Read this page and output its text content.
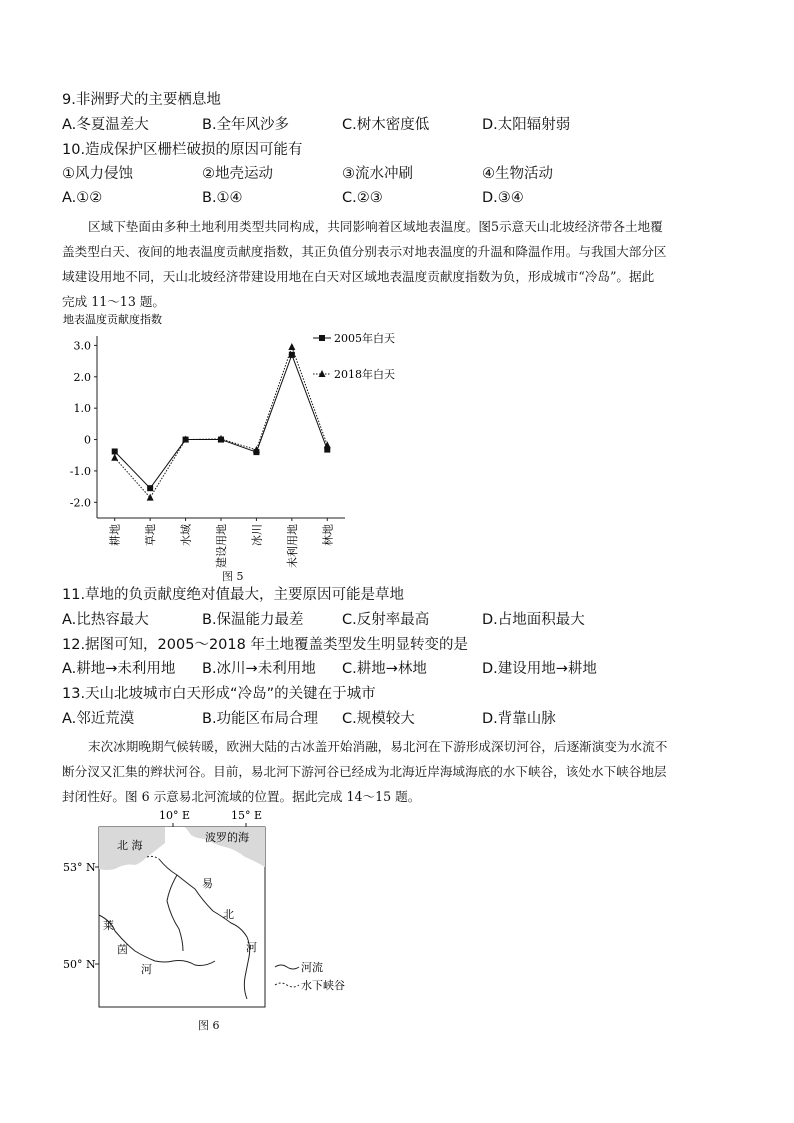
9.非洲野犬的主要栖息地
A.冬夏温差大	B.全年风沙多	C.树木密度低	D.太阳辐射弱
10.造成保护区栅栏破损的原因可能有
①风力侵蚀	②地壳运动	③流水冲刷	④生物活动
A.①②	B.①④	C.②③	D.③④
区域下垫面由多种土地利用类型共同构成，共同影响着区域地表温度。图5示意天山北坡经济带各土地覆
盖类型白天、夜间的地表温度贡献度指数，其正负值分别表示对地表温度的升温和降温作用。与我国大部分区
域建设用地不同，天山北坡经济带建设用地在白天对区域地表温度贡献度指数为负，形成城市“冷岛”。据此
完成 11～13 题。
地表温度贡献度指数
3.0
2.0
1.0
0
-1.0
-2.0
耕地 草地 水域 建设用地 冰川 未利用地 林地
2005年白天
2018年白天
图 5
11.草地的负贡献度绝对值最大，主要原因可能是草地
A.比热容最大	B.保温能力最差	C.反射率最高	D.占地面积最大
12.据图可知，2005～2018 年土地覆盖类型发生明显转变的是
A.耕地→未利用地 B.冰川→未利用地 C.耕地→林地	D.建设用地→耕地
13.天山北坡城市白天形成“冷岛”的关键在于城市
A.邻近荒漠	B.功能区布局合理 C.规模较大	D.背靠山脉
末次冰期晚期气候转暖，欧洲大陆的古冰盖开始消融，易北河在下游形成深切河谷，后逐渐演变为水流不
断分汊又汇集的辫状河谷。目前，易北河下游河谷已经成为北海近岸海域海底的水下峡谷，该处水下峡谷地层
封闭性好。图 6 示意易北河流域的位置。据此完成 14～15 题。
10° E	15° E
北 海
波罗的海
53° N
50° N
易
北
河
莱
茵
河	河流
水下峡谷
图 6
